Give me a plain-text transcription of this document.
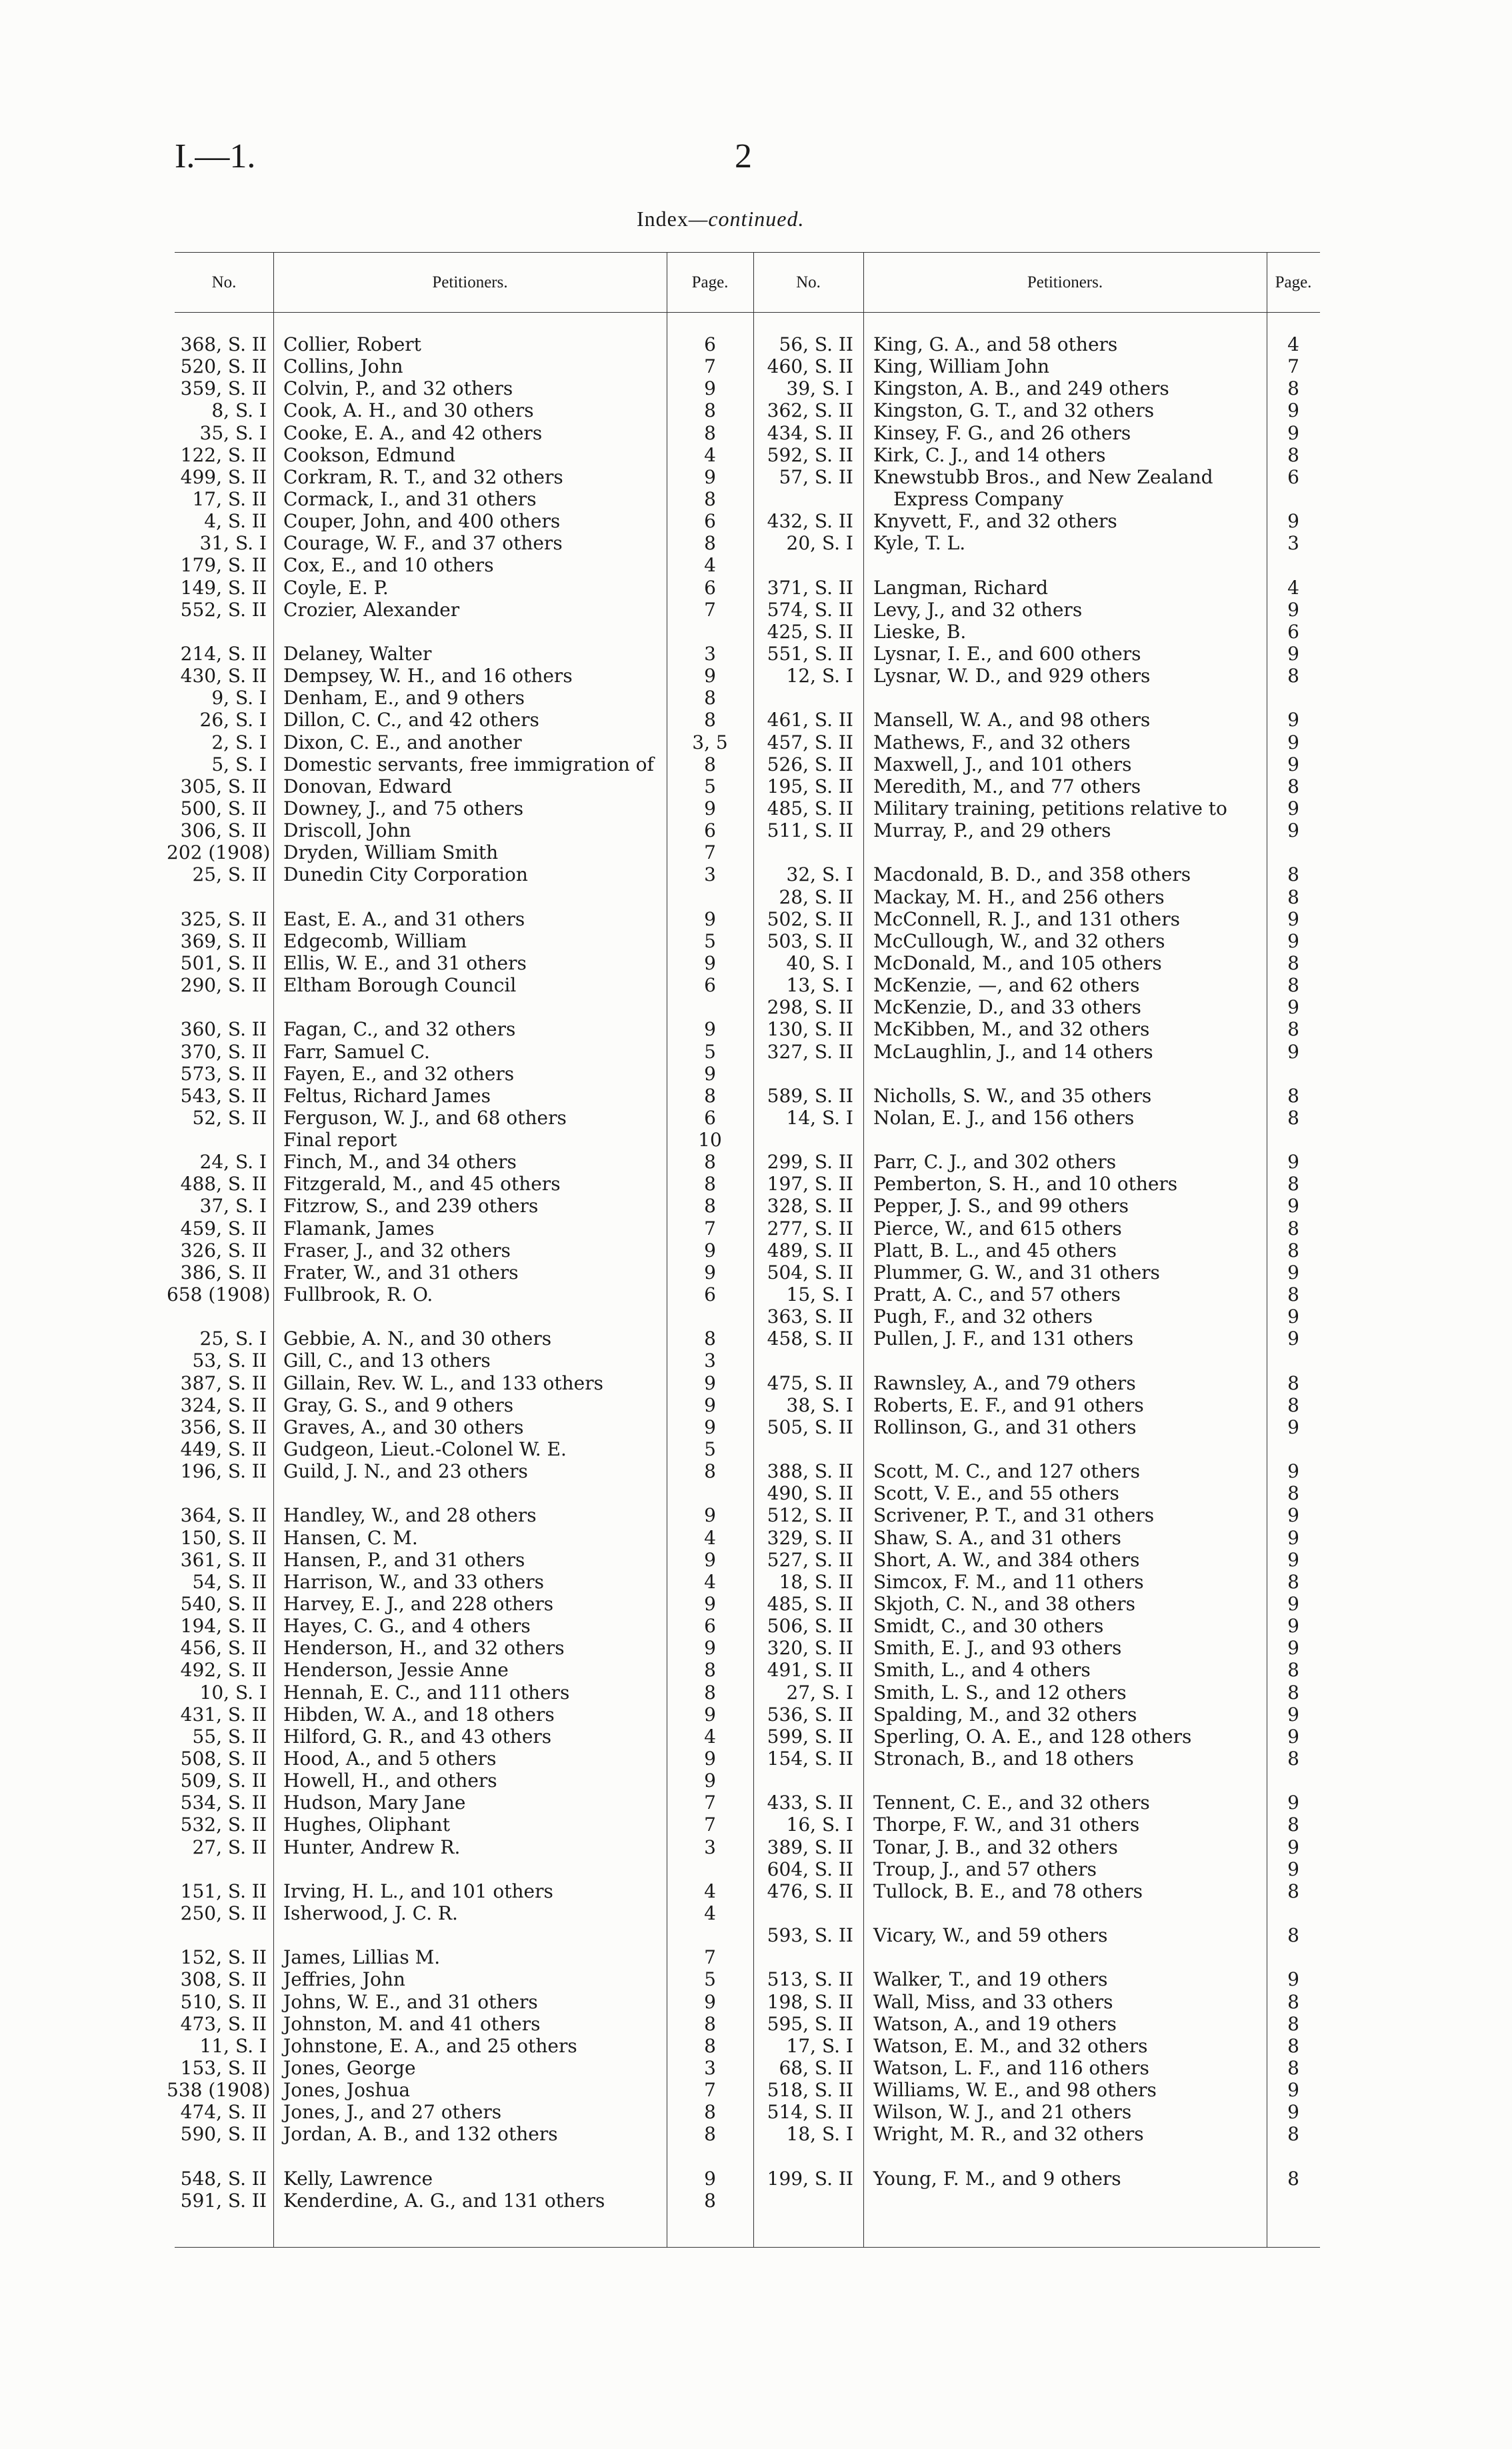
I.—1.	2
Index—continued.
No.	Petitioners.	Page.	No.	Petitioners.	Page.
368, S. II Collier, Robert	6
520, S. II Collins, John	7
359, S. II Colvin, P., and 32 others	9
8, S. I Cook, A. H., and 30 others	8
35, S. I Cooke, E. A., and 42 others	8
122, S. II Cookson, Edmund	4
499, S. II Corkram, R. T., and 32 others	9
17, S. II Cormack, I., and 31 others	8
4, S. II Couper, John, and 400 others	6
31, S. I Courage, W. F., and 37 others	8
179, S. II Cox, E., and 10 others	4
149, S. II Coyle, E. P.	6
552, S. II Crozier, Alexander	7
214, S. II Delaney, Walter	3
430, S. II Dempsey, W. H., and 16 others	9
9, S. I Denham, E., and 9 others	8
26, S. I Dillon, C. C., and 42 others	8
2, S. I Dixon, C. E., and another	3, 5
5, S. I Domestic servants, free immigration of	8
305, S. II Donovan, Edward	5
500, S. II Downey, J., and 75 others	9
306, S. II Driscoll, John	6
202 (1908) Dryden, William Smith	7
25, S. II Dunedin City Corporation	3
325, S. II East, E. A., and 31 others	9
369, S. II Edgecomb, William	5
501, S. II Ellis, W. E., and 31 others	9
290, S. II Eltham Borough Council	6
360, S. II Fagan, C., and 32 others	9
370, S. II Farr, Samuel C.	5
573, S. II Fayen, E., and 32 others	9
543, S. II Feltus, Richard James	8
52, S. II Ferguson, W. J., and 68 others	6
Final report	10
24, S. I Finch, M., and 34 others	8
488, S. II Fitzgerald, M., and 45 others	8
37, S. I Fitzrow, S., and 239 others	8
459, S. II Flamank, James	7
326, S. II Fraser, J., and 32 others	9
386, S. II Frater, W., and 31 others	9
658 (1908) Fullbrook, R. O.	6
25, S. I Gebbie, A. N., and 30 others	8
53, S. II Gill, C., and 13 others	3
387, S. II Gillain, Rev. W. L., and 133 others	9
324, S. II Gray, G. S., and 9 others	9
356, S. II Graves, A., and 30 others	9
449, S. II Gudgeon, Lieut.-Colonel W. E.	5
196, S. II Guild, J. N., and 23 others	8
364, S. II Handley, W., and 28 others	9
150, S. II Hansen, C. M.	4
361, S. II Hansen, P., and 31 others	9
54, S. II Harrison, W., and 33 others	4
540, S. II Harvey, E. J., and 228 others	9
194, S. II Hayes, C. G., and 4 others	6
456, S. II Henderson, H., and 32 others	9
492, S. II Henderson, Jessie Anne	8
10, S. I Hennah, E. C., and 111 others	8
431, S. II Hibden, W. A., and 18 others	9
55, S. II Hilford, G. R., and 43 others	4
508, S. II Hood, A., and 5 others	9
509, S. II Howell, H., and others	9
534, S. II Hudson, Mary Jane	7
532, S. II Hughes, Oliphant	7
27, S. II Hunter, Andrew R.	3
151, S. II Irving, H. L., and 101 others	4
250, S. II Isherwood, J. C. R.	4
152, S. II James, Lillias M.	7
308, S. II Jeffries, John	5
510, S. II Johns, W. E., and 31 others	9
473, S. II Johnston, M. and 41 others	8
11, S. I Johnstone, E. A., and 25 others	8
153, S. II Jones, George	3
538 (1908) Jones, Joshua	7
474, S. II Jones, J., and 27 others	8
590, S. II Jordan, A. B., and 132 others	8
548, S. II Kelly, Lawrence	9
591, S. II Kenderdine, A. G., and 131 others	8
56, S. II King, G. A., and 58 others	4
460, S. II King, William John	7
39, S. I Kingston, A. B., and 249 others	8
362, S. II Kingston, G. T., and 32 others	9
434, S. II Kinsey, F. G., and 26 others	9
592, S. II Kirk, C. J., and 14 others	8
57, S. II Knewstubb Bros., and New Zealand	6
Express Company
432, S. II Knyvett, F., and 32 others	9
20, S. I Kyle, T. L.	3
371, S. II Langman, Richard	4
574, S. II Levy, J., and 32 others	9
425, S. II Lieske, B.	6
551, S. II Lysnar, I. E., and 600 others	9
12, S. I Lysnar, W. D., and 929 others	8
461, S. II Mansell, W. A., and 98 others	9
457, S. II Mathews, F., and 32 others	9
526, S. II Maxwell, J., and 101 others	9
195, S. II Meredith, M., and 77 others	8
485, S. II Military training, petitions relative to	9
511, S. II Murray, P., and 29 others	9
32, S. I Macdonald, B. D., and 358 others	8
28, S. II Mackay, M. H., and 256 others	8
502, S. II McConnell, R. J., and 131 others	9
503, S. II McCullough, W., and 32 others	9
40, S. I McDonald, M., and 105 others	8
13, S. I McKenzie, —, and 62 others	8
298, S. II McKenzie, D., and 33 others	9
130, S. II McKibben, M., and 32 others	8
327, S. II McLaughlin, J., and 14 others	9
589, S. II Nicholls, S. W., and 35 others	8
14, S. I Nolan, E. J., and 156 others	8
299, S. II Parr, C. J., and 302 others	9
197, S. II Pemberton, S. H., and 10 others	8
328, S. II Pepper, J. S., and 99 others	9
277, S. II Pierce, W., and 615 others	8
489, S. II Platt, B. L., and 45 others	8
504, S. II Plummer, G. W., and 31 others	9
15, S. I Pratt, A. C., and 57 others	8
363, S. II Pugh, F., and 32 others	9
458, S. II Pullen, J. F., and 131 others	9
475, S. II Rawnsley, A., and 79 others	8
38, S. I Roberts, E. F., and 91 others	8
505, S. II Rollinson, G., and 31 others	9
388, S. II Scott, M. C., and 127 others	9
490, S. II Scott, V. E., and 55 others	8
512, S. II Scrivener, P. T., and 31 others	9
329, S. II Shaw, S. A., and 31 others	9
527, S. II Short, A. W., and 384 others	9
18, S. II Simcox, F. M., and 11 others	8
485, S. II Skjoth, C. N., and 38 others	9
506, S. II Smidt, C., and 30 others	9
320, S. II Smith, E. J., and 93 others	9
491, S. II Smith, L., and 4 others	8
27, S. I Smith, L. S., and 12 others	8
536, S. II Spalding, M., and 32 others	9
599, S. II Sperling, O. A. E., and 128 others	9
154, S. II Stronach, B., and 18 others	8
433, S. II Tennent, C. E., and 32 others	9
16, S. I Thorpe, F. W., and 31 others	8
389, S. II Tonar, J. B., and 32 others	9
604, S. II Troup, J., and 57 others	9
476, S. II Tullock, B. E., and 78 others	8
593, S. II Vicary, W., and 59 others	8
513, S. II Walker, T., and 19 others	9
198, S. II Wall, Miss, and 33 others	8
595, S. II Watson, A., and 19 others	8
17, S. I Watson, E. M., and 32 others	8
68, S. II Watson, L. F., and 116 others	8
518, S. II Williams, W. E., and 98 others	9
514, S. II Wilson, W. J., and 21 others	9
18, S. I Wright, M. R., and 32 others	8
199, S. II Young, F. M., and 9 others	8
